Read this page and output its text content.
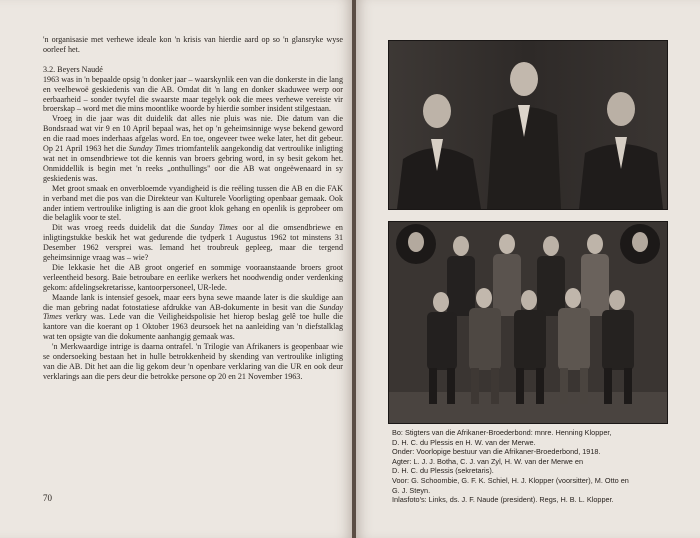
'n organisasie met verhewe ideale kon 'n krisis van hierdie aard op so 'n glansryke wyse oorleef het.

3.2. Beyers Naudé

1963 was in 'n bepaalde opsig 'n donker jaar – waarskynlik een van die donkerste in die lang en veelbewoë geskiedenis van die AB. Omdat dit 'n lang en donker skaduwee werp oor eerbaarheid – sonder twyfel die swaarste maar tegelyk ook die mees verhewe vereiste vir broerskap – word met die mins moontlike woorde by hierdie somber insident stilgestaan.

Vroeg in die jaar was dit duidelik dat alles nie pluis was nie. Die datum van die Bondsraad wat vir 9 en 10 April bepaal was, het op 'n geheimsinnige wyse bekend geword en die raad moes inderhaas afgelas word. En toe, ongeveer twee weke later, het dit gebeur. Op 21 April 1963 het die Sunday Times triomfantelik aangekondig dat vertroulike inligting wat net in omsendbriewe tot die kennis van broers gebring word, in sy besit gekom het. Onmiddellik is begin met 'n reeks „onthullings" oor die AB wat ongeëwenaard in sy geskiedenis was.

Met groot smaak en onverbloemde vyandigheid is die reëling tussen die AB en die FAK in verband met die pos van die Direkteur van Kulturele Voorligting openbaar gemaak. Ook ander intiem vertroulike inligting is aan die groot klok gehang en openlik is geprobeer om die belaglik voor te stel.

Dit was vroeg reeds duidelik dat die Sunday Times oor al die omsendbriewe en inligtingstukke beskik het wat gedurende die tydperk 1 Augustus 1962 tot minstens 31 Desember 1962 versprei was. Iemand het troubreuk gepleeg, maar die tergend geheimsinnige vraag was – wie?

Die lekkasie het die AB groot ongerief en sommige vooraanstaande broers groot verleentheid besorg. Baie betroubare en eerlike werkers het noodwendig onder verdenking gekom: afdelingsekretarisse, kantoorpersoneel, UR-lede.

Maande lank is intensief gesoek, maar eers byna sewe maande later is die skuldige aan die man gebring nadat fotostatiese afdrukke van AB-dokumente in besit van die Sunday Times verkry was. Lede van die Veiligheidspolisie het hierop beslag gelê toe hulle die kantore van die koerant op 1 Oktober 1963 deursoek het na aanleiding van 'n diefstalklag wat ten opsigte van die dokumente aanhangig gemaak was.

'n Merkwaardige intrige is daarna ontrafel. 'n Trilogie van Afrikaners is geopenbaar wie se ondersoeking bestaan het in hulle betrokkenheid by skending van vertroulike inligting van die AB. Dit het aan die lig gekom deur 'n openbare verklaring van die UR en ook deur verklarings aan die pers deur die betrokke persone op 20 en 21 November 1963.

70
Bo: Stigters van die Afrikaner-Broederbond: mnre. Henning Klopper,
D. H. C. du Plessis en H. W. van der Merwe.
Onder: Voorlopige bestuur van die Afrikaner-Broederbond, 1918.
Agter: L. J. J. Botha, C. J. van Zyl, H. W. van der Merwe en
D. H. C. du Plessis (sekretaris).
Voor: G. Schoombie, G. F. K. Schiel, H. J. Klopper (voorsitter), M. Otto en
G. J. Steyn.
Inlasfoto's: Links, ds. J. F. Naude (president). Regs, H. B. L. Klopper.
